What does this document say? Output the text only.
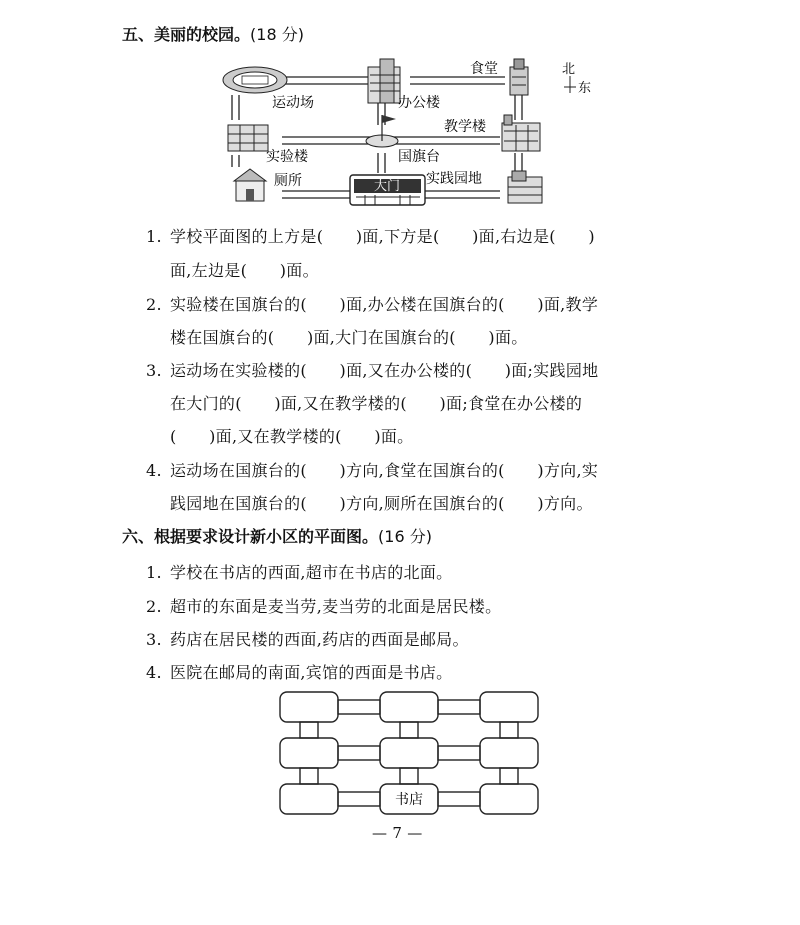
五、美丽的校园。(18 分)
大门
运动场	办公楼
食堂
教学楼
实验楼	国旗台
厕所	实践园地
北
东
1. 学校平面图的上方是(　　)面,下方是(　　)面,右边是(　　)
面,左边是(　　)面。
2. 实验楼在国旗台的(　　)面,办公楼在国旗台的(　　)面,教学
楼在国旗台的(　　)面,大门在国旗台的(　　)面。
3. 运动场在实验楼的(　　)面,又在办公楼的(　　)面;实践园地
在大门的(　　)面,又在教学楼的(　　)面;食堂在办公楼的
(　　)面,又在教学楼的(　　)面。
4. 运动场在国旗台的(　　)方向,食堂在国旗台的(　　)方向,实
践园地在国旗台的(　　)方向,厕所在国旗台的(　　)方向。
六、根据要求设计新小区的平面图。(16 分)
1. 学校在书店的西面,超市在书店的北面。
2. 超市的东面是麦当劳,麦当劳的北面是居民楼。
3. 药店在居民楼的西面,药店的西面是邮局。
4. 医院在邮局的南面,宾馆的西面是书店。
书店
— 7 —
